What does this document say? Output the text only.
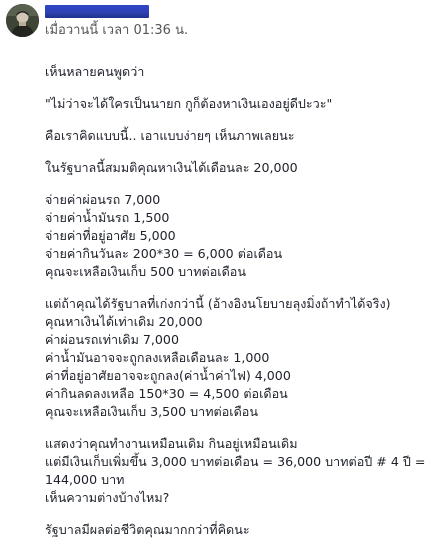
เมื่อวานนี้ เวลา 01:36 น.

เห็นหลายคนพูดว่า

"ไม่ว่าจะได้ใครเป็นนายก กูก็ต้องหาเงินเองอยู่ดีปะวะ"

คือเราคิดแบบนี้.. เอาแบบง่ายๆ เห็นภาพเลยนะ

ในรัฐบาลนี้สมมติคุณหาเงินได้เดือนละ 20,000

จ่ายค่าผ่อนรถ 7,000
จ่ายค่าน้ำมันรถ 1,500
จ่ายค่าที่อยู่อาศัย 5,000
จ่ายค่ากินวันละ 200*30 = 6,000 ต่อเดือน
คุณจะเหลือเงินเก็บ 500 บาทต่อเดือน

แต่ถ้าคุณได้รัฐบาลที่เก่งกว่านี้ (อ้างอิงนโยบายลุงมิ่งถ้าทำได้จริง)
คุณหาเงินได้เท่าเดิม 20,000
ค่าผ่อนรถเท่าเดิม 7,000
ค่าน้ำมันอาจจะถูกลงเหลือเดือนละ 1,000
ค่าที่อยู่อาศัยอาจจะถูกลง(ค่าน้ำค่าไฟ) 4,000
ค่ากินลดลงเหลือ 150*30 = 4,500 ต่อเดือน
คุณจะเหลือเงินเก็บ 3,500 บาทต่อเดือน

แสดงว่าคุณทำงานเหมือนเดิม กินอยู่เหมือนเดิม
แต่มีเงินเก็บเพิ่มขึ้น 3,000 บาทต่อเดือน = 36,000 บาทต่อปี # 4 ปี = 144,000 บาท
เห็นความต่างบ้างไหม?

รัฐบาลมีผลต่อชีวิตคุณมากกว่าที่คิดนะ
